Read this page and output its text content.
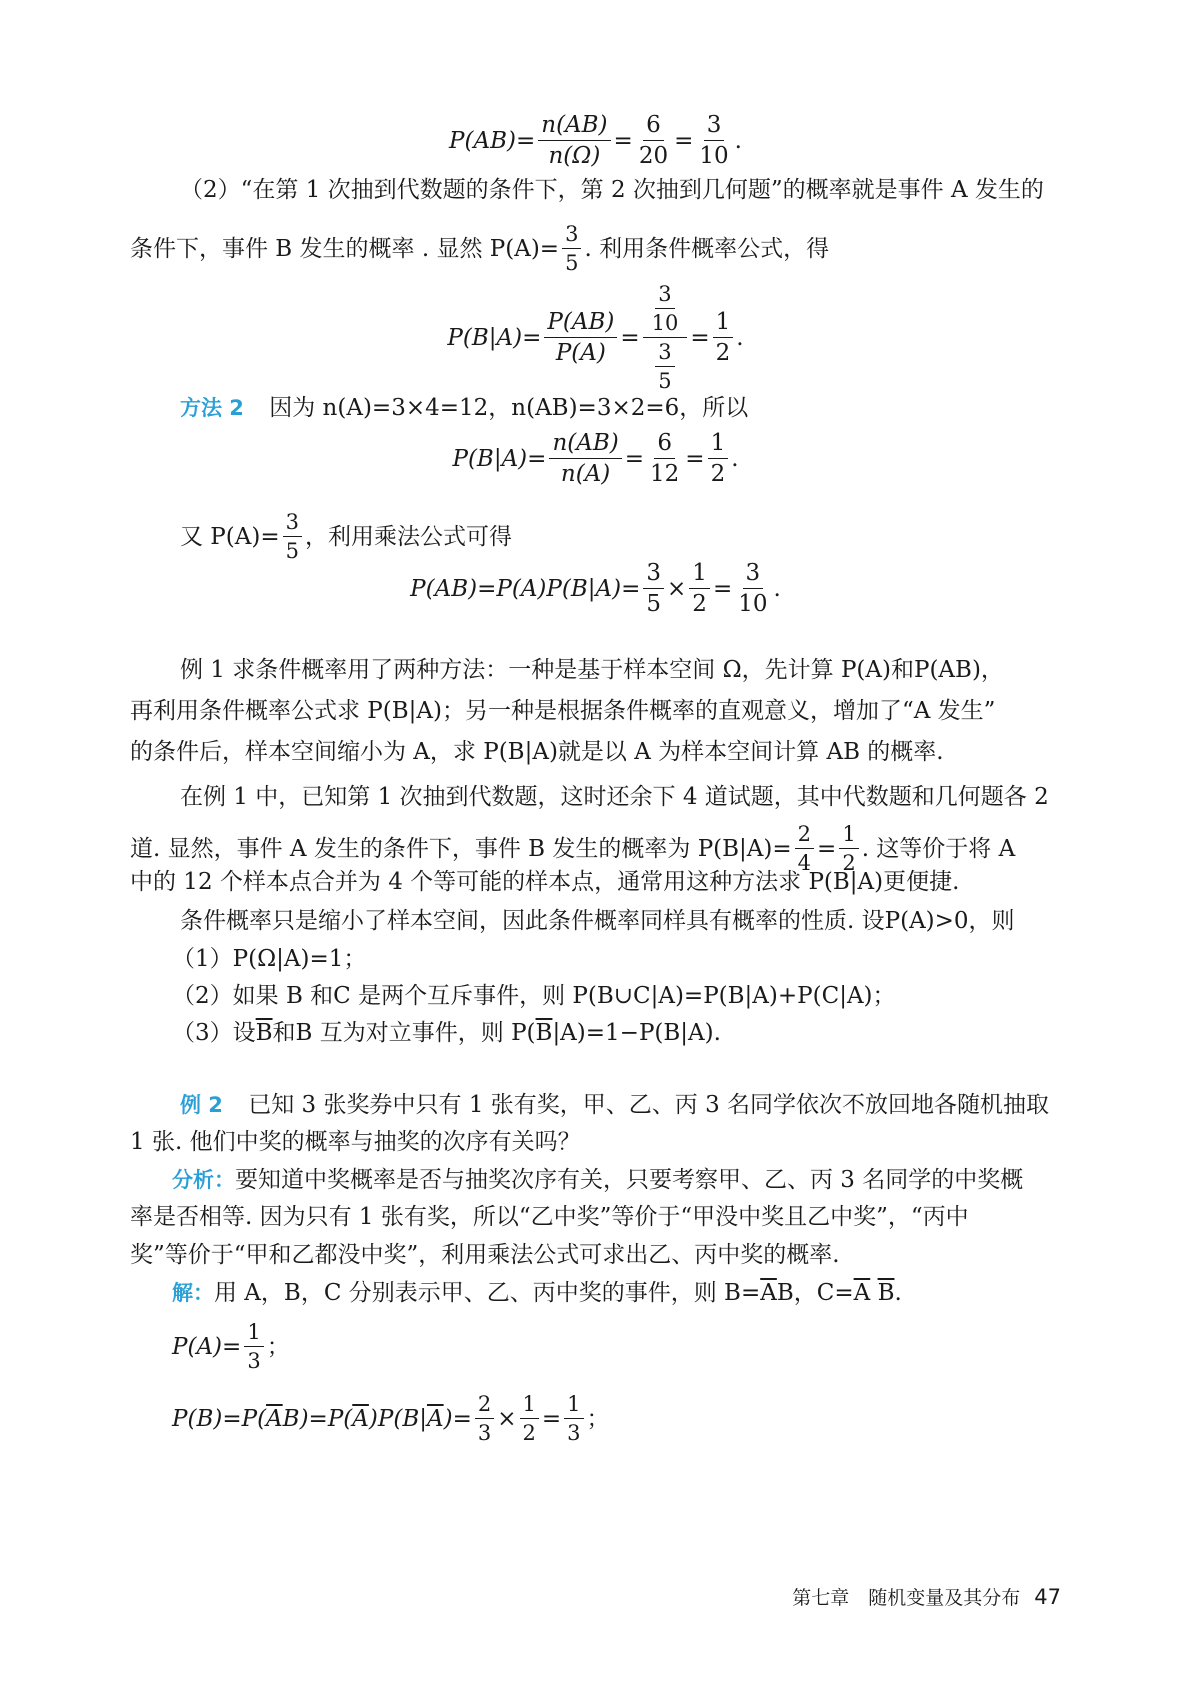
$P(AB)= \frac{n(AB)}{n(\Omega)} = \frac{6}{20} = \frac{3}{10}$ .
（2）“在第 1 次抽到代数题的条件下，第 2 次抽到几何题”的概率就是事件 A 发生的
条件下，事件 B 发生的概率 . 显然 $P(A)= \frac{3}{5}$ . 利用条件概率公式，得
$P(B|A)= \frac{P(AB)}{P(A)} = \frac{\frac{3}{10}}{\frac{3}{5}} = \frac{1}{2}$ .
方法 2 因为 n(A)=3×4=12，n(AB)=3×2=6，所以
$P(B|A)= \frac{n(AB)}{n(A)} = \frac{6}{12} = \frac{1}{2}$ .
又 $P(A)= \frac{3}{5}$ ，利用乘法公式可得
$P(AB)=P(A)P(B|A)= \frac{3}{5} \times \frac{1}{2} = \frac{3}{10}$ .
例 1 求条件概率用了两种方法：一种是基于样本空间 Ω，先计算 P(A)和P(AB)，
再利用条件概率公式求 P(B|A)；另一种是根据条件概率的直观意义，增加了“A 发生”
的条件后，样本空间缩小为 A，求 P(B|A)就是以 A 为样本空间计算 AB 的概率.
在例 1 中，已知第 1 次抽到代数题，这时还余下 4 道试题，其中代数题和几何题各 2
道. 显然，事件 A 发生的条件下，事件 B 发生的概率为 $P(B|A)= \frac{2}{4} = \frac{1}{2}$ . 这等价于将 A
中的 12 个样本点合并为 4 个等可能的样本点，通常用这种方法求 P(B|A)更便捷.
条件概率只是缩小了样本空间，因此条件概率同样具有概率的性质. 设P(A)>0，则
（1）P(Ω|A)=1；
（2）如果 B 和C 是两个互斥事件，则 P(B∪C|A)=P(B|A)+P(C|A)；
（3）设$\overline{B}$和B 互为对立事件，则 $P(\overline{B}|A)=1-P(B|A)$.
例 2 已知 3 张奖券中只有 1 张有奖，甲、乙、丙 3 名同学依次不放回地各随机抽取
1 张. 他们中奖的概率与抽奖的次序有关吗？
分析：要知道中奖概率是否与抽奖次序有关，只要考察甲、乙、丙 3 名同学的中奖概
率是否相等. 因为只有 1 张有奖，所以“乙中奖”等价于“甲没中奖且乙中奖”，“丙中
奖”等价于“甲和乙都没中奖”，利用乘法公式可求出乙、丙中奖的概率.
解：用 A，B，C 分别表示甲、乙、丙中奖的事件，则 $B=\overline{A}B$，$C=\overline{A}$ $\overline{B}$.
$P(A)= \frac{1}{3}$ ；
P(B)=P( $\overline{A}$ B)=P( $\overline{A}$ )P(B| $\overline{A}$ )= $\frac{2}{3} \times \frac{1}{2} = \frac{1}{3}$ ；
第七章　随机变量及其分布 47
